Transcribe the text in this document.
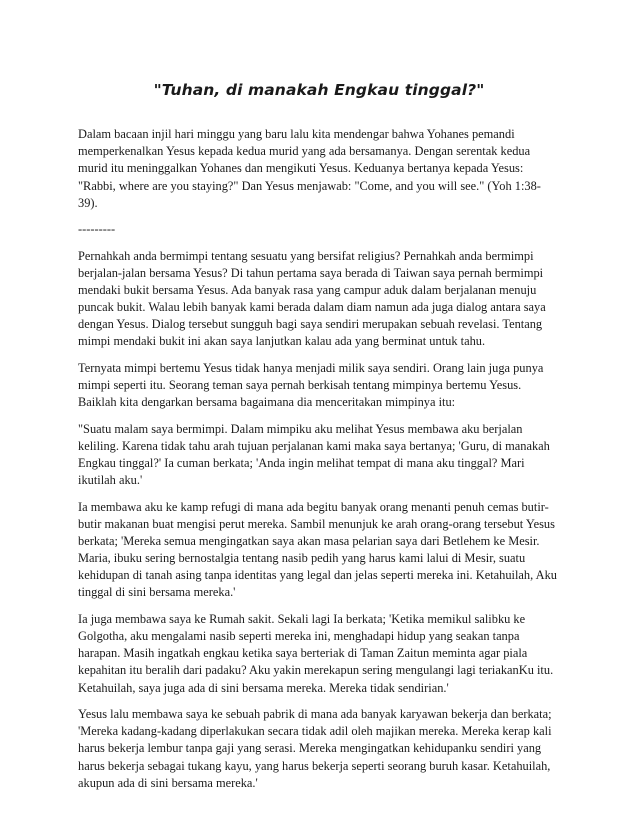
"Tuhan, di manakah Engkau tinggal?"
Dalam bacaan injil hari minggu yang baru lalu kita mendengar bahwa Yohanes pemandi
memperkenalkan Yesus kepada kedua murid yang ada bersamanya. Dengan serentak kedua
murid itu meninggalkan Yohanes dan mengikuti Yesus. Keduanya bertanya kepada Yesus:
"Rabbi, where are you staying?" Dan Yesus menjawab: "Come, and you will see." (Yoh 1:38-
39).
---------
Pernahkah anda bermimpi tentang sesuatu yang bersifat religius? Pernahkah anda bermimpi
berjalan-jalan bersama Yesus? Di tahun pertama saya berada di Taiwan saya pernah bermimpi
mendaki bukit bersama Yesus. Ada banyak rasa yang campur aduk dalam berjalanan menuju
puncak bukit. Walau lebih banyak kami berada dalam diam namun ada juga dialog antara saya
dengan Yesus. Dialog tersebut sungguh bagi saya sendiri merupakan sebuah revelasi. Tentang
mimpi mendaki bukit ini akan saya lanjutkan kalau ada yang berminat untuk tahu.
Ternyata mimpi bertemu Yesus tidak hanya menjadi milik saya sendiri. Orang lain juga punya
mimpi seperti itu. Seorang teman saya pernah berkisah tentang mimpinya bertemu Yesus.
Baiklah kita dengarkan bersama bagaimana dia menceritakan mimpinya itu:
"Suatu malam saya bermimpi. Dalam mimpiku aku melihat Yesus membawa aku berjalan
keliling. Karena tidak tahu arah tujuan perjalanan kami maka saya bertanya; 'Guru, di manakah
Engkau tinggal?' Ia cuman berkata; 'Anda ingin melihat tempat di mana aku tinggal? Mari
ikutilah aku.'
Ia membawa aku ke kamp refugi di mana ada begitu banyak orang menanti penuh cemas butir-
butir makanan buat mengisi perut mereka. Sambil menunjuk ke arah orang-orang tersebut Yesus
berkata; 'Mereka semua mengingatkan saya akan masa pelarian saya dari Betlehem ke Mesir.
Maria, ibuku sering bernostalgia tentang nasib pedih yang harus kami lalui di Mesir, suatu
kehidupan di tanah asing tanpa identitas yang legal dan jelas seperti mereka ini. Ketahuilah, Aku
tinggal di sini bersama mereka.'
Ia juga membawa saya ke Rumah sakit. Sekali lagi Ia berkata; 'Ketika memikul salibku ke
Golgotha, aku mengalami nasib seperti mereka ini, menghadapi hidup yang seakan tanpa
harapan. Masih ingatkah engkau ketika saya berteriak di Taman Zaitun meminta agar piala
kepahitan itu beralih dari padaku? Aku yakin merekapun sering mengulangi lagi teriakanKu itu.
Ketahuilah, saya juga ada di sini bersama mereka. Mereka tidak sendirian.'
Yesus lalu membawa saya ke sebuah pabrik di mana ada banyak karyawan bekerja dan berkata;
'Mereka kadang-kadang diperlakukan secara tidak adil oleh majikan mereka. Mereka kerap kali
harus bekerja lembur tanpa gaji yang serasi. Mereka mengingatkan kehidupanku sendiri yang
harus bekerja sebagai tukang kayu, yang harus bekerja seperti seorang buruh kasar. Ketahuilah,
akupun ada di sini bersama mereka.'
